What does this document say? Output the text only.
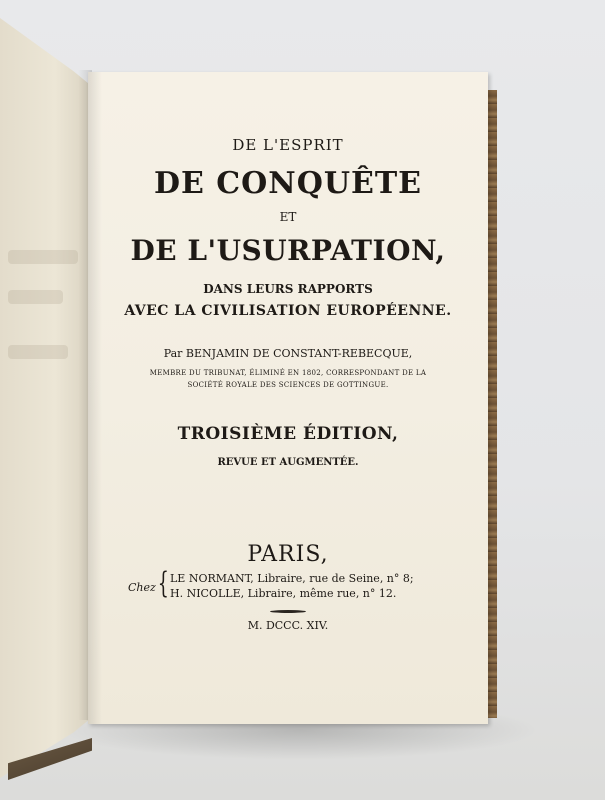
DE L'ESPRIT
DE CONQUÊTE
ET
DE L'USURPATION,
DANS LEURS RAPPORTS
AVEC LA CIVILISATION EUROPÉENNE.
Par BENJAMIN DE CONSTANT-REBECQUE,
MEMBRE DU TRIBUNAT, ÉLIMINÉ EN 1802, CORRESPONDANT DE LA
SOCIÉTÉ ROYALE DES SCIENCES DE GOTTINGUE.
TROISIÈME ÉDITION,
REVUE ET AUGMENTÉE.
PARIS,
Chez { LE NORMANT, Libraire, rue de Seine, n° 8;
H. NICOLLE, Libraire, même rue, n° 12.
M. DCCC. XIV.
